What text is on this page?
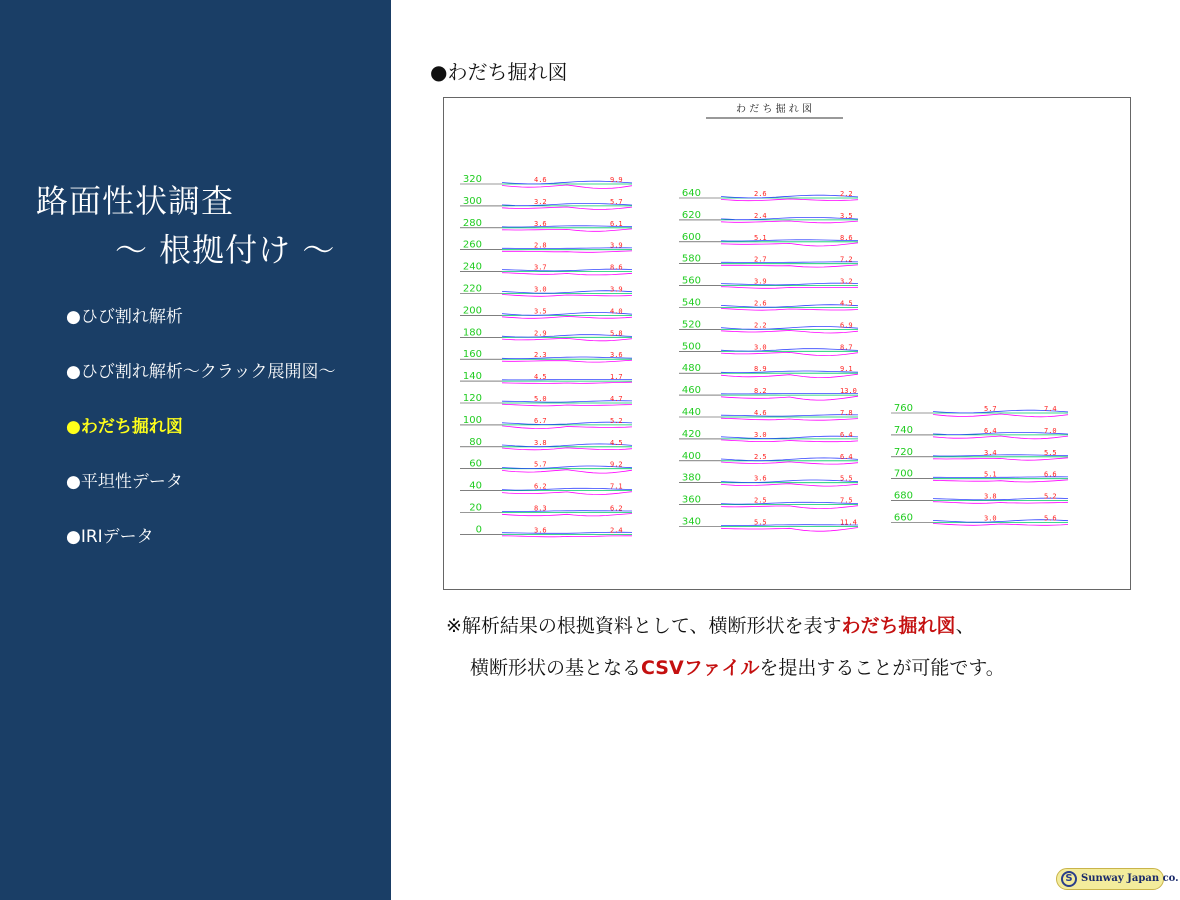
路面性状調査
～ 根拠付け ～
●ひび割れ解析
●ひび割れ解析～クラック展開図～
●わだち掘れ図
●平坦性データ
●IRIデータ
●わだち掘れ図
わ だ ち 掘 れ 図
320	4.6	9.9
300	3.2	5.7
280	3.6	6.1
260	2.8	3.9
240	3.7	8.6
220	3.0	3.9
200	3.5	4.0
180	2.9	5.8
160	2.3	3.6
140	4.5	1.7
120	5.0	4.7
100	6.7	5.2
80	3.8	4.5
60	5.7	9.2
40	6.2	7.1
20	8.3	6.2
0	3.6	2.4
640	2.6	2.2
620	2.4	3.5
600	5.1	8.6
580	2.7	7.2
560	3.9	3.2
540	2.6	4.5
520	2.2	6.9
500	3.0	8.7
480	8.9	9.1
460	8.2	13.0
440	4.6	7.8
420	3.0	6.4
400	2.5	6.4
380	3.6	5.5
360	2.5	7.5
340	5.5	11.4
760	5.7	7.4
740	6.4	7.0
720	3.4	5.5
700	5.1	6.6
680	3.8	5.2
660	3.0	5.6
※解析結果の根拠資料として、横断形状を表すわだち掘れ図、
横断形状の基となるCSVファイルを提出することが可能です。
S Sunway Japan co.
